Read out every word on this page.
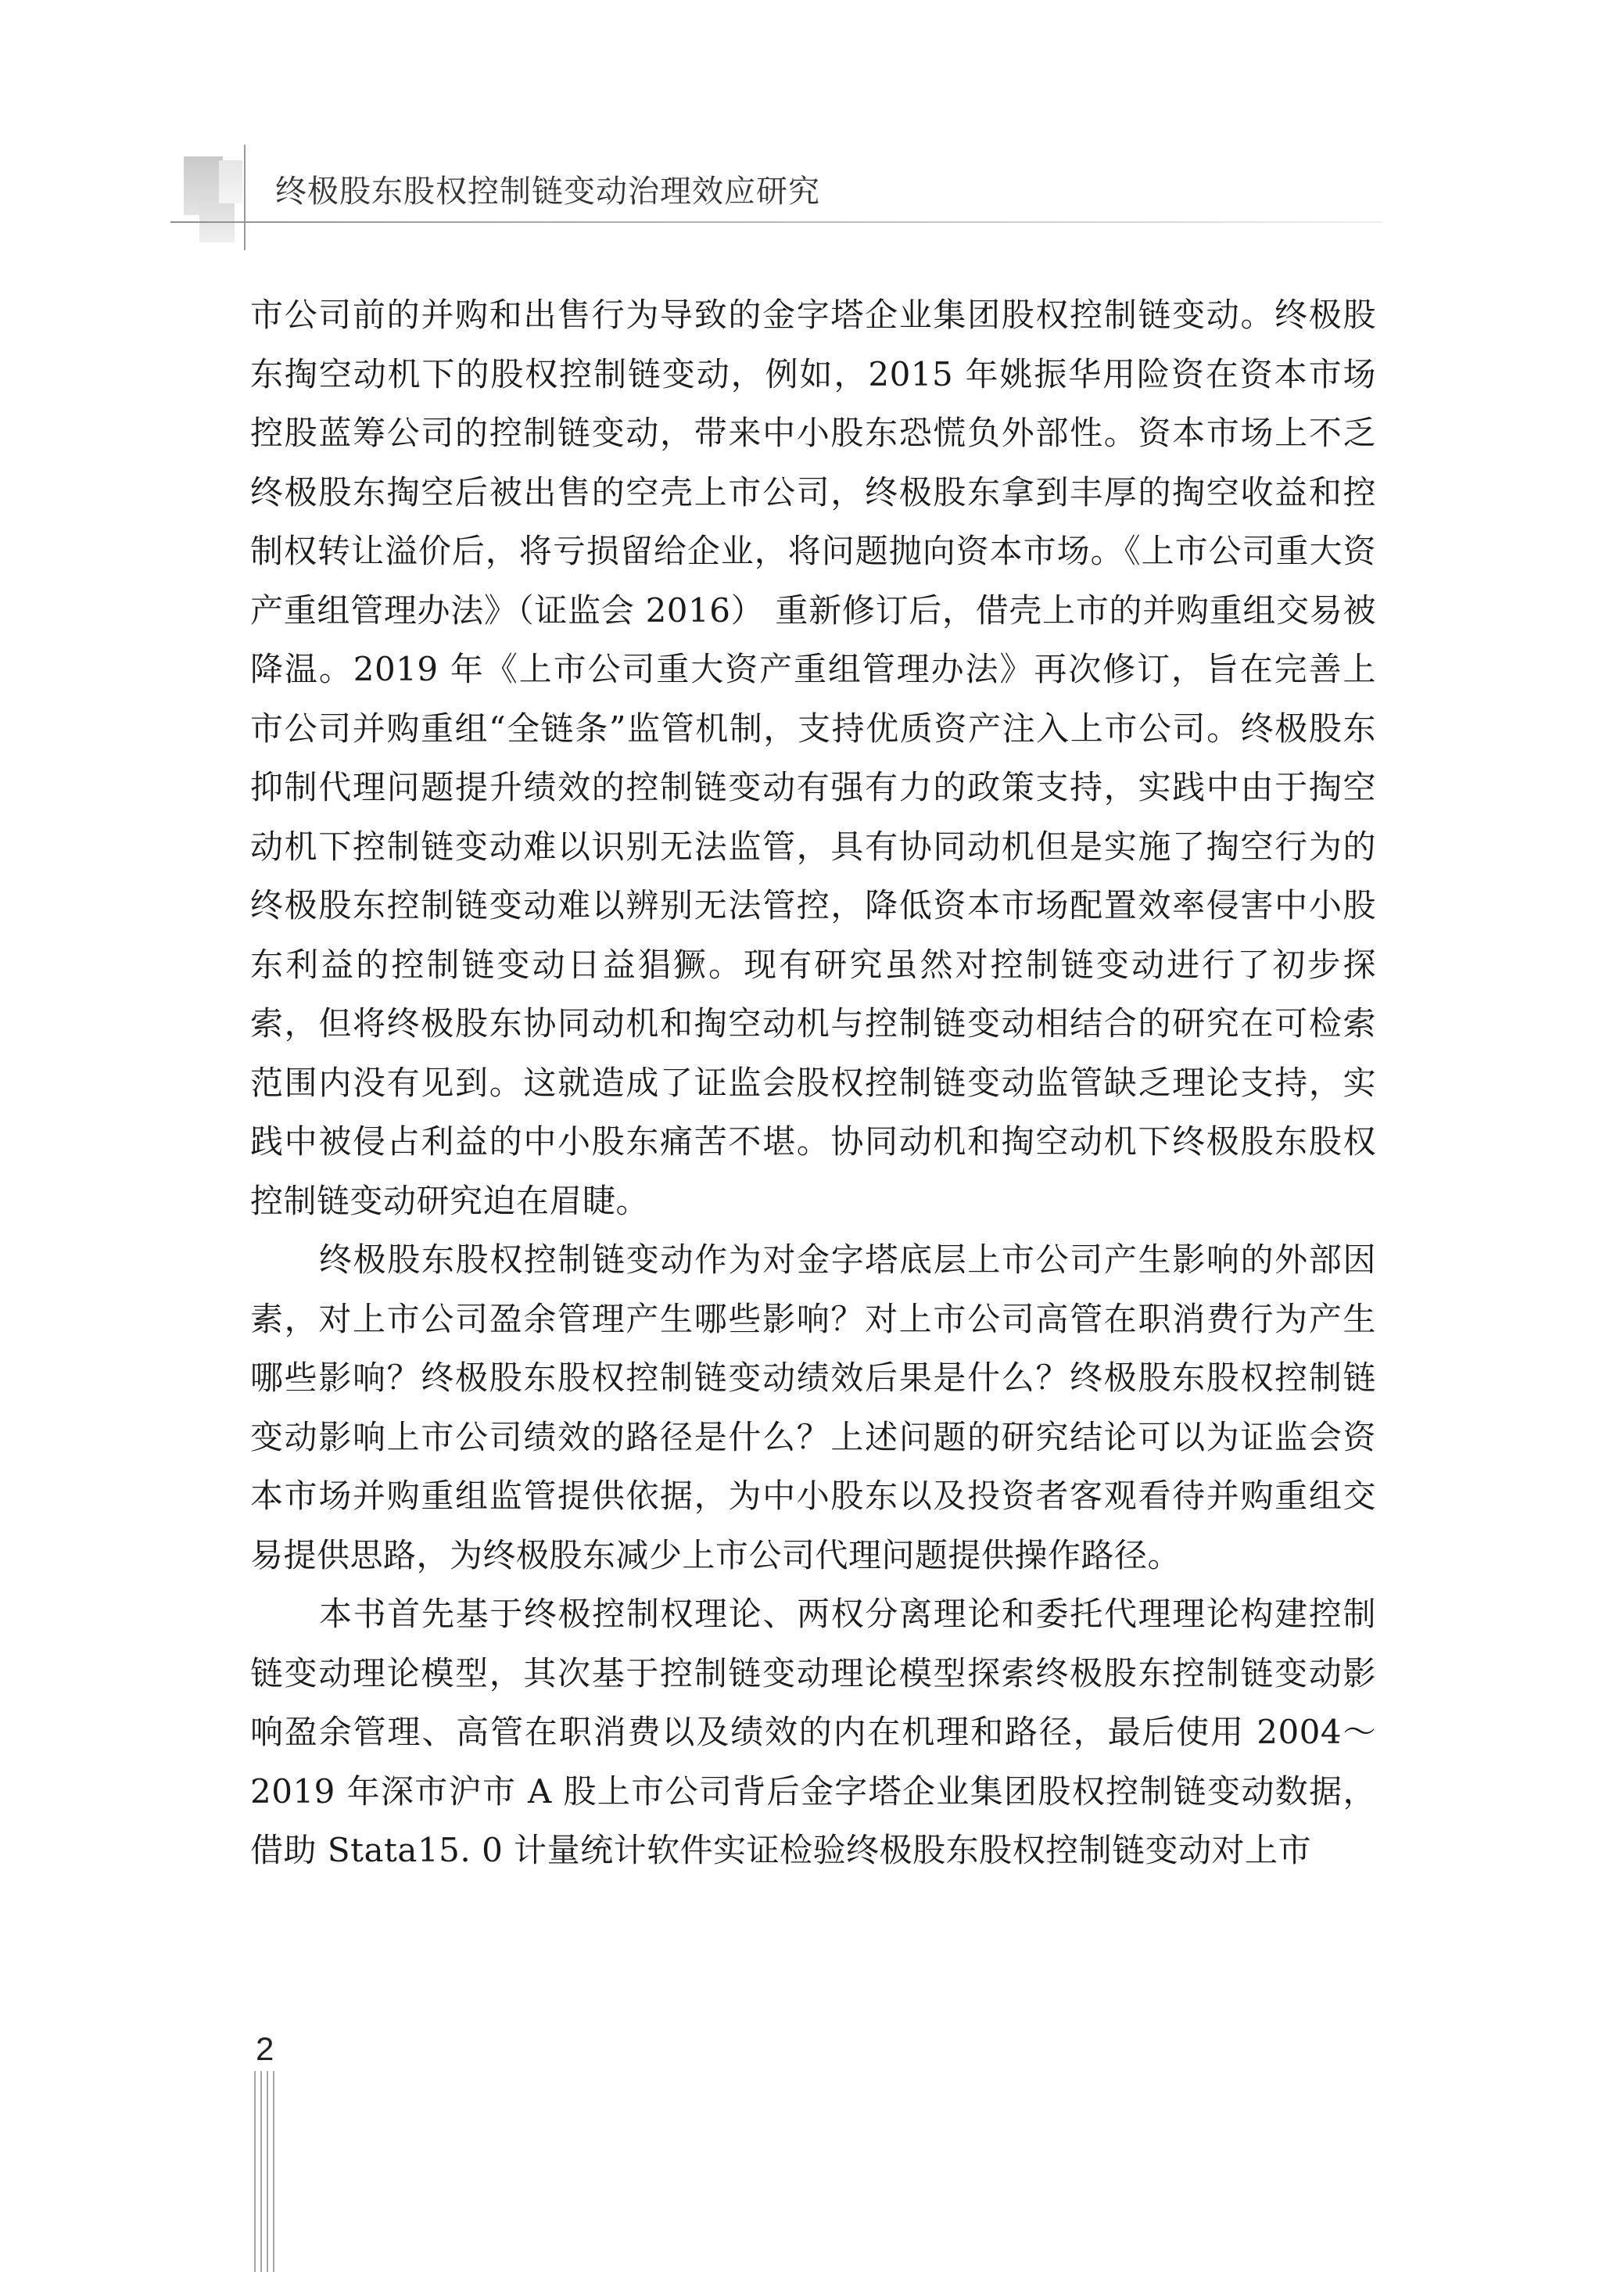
终极股东股权控制链变动治理效应研究

市公司前的并购和出售行为导致的金字塔企业集团股权控制链变动。终极股东掏空动机下的股权控制链变动，例如，2015 年姚振华用险资在资本市场控股蓝筹公司的控制链变动，带来中小股东恐慌负外部性。资本市场上不乏终极股东掏空后被出售的空壳上市公司，终极股东拿到丰厚的掏空收益和控制权转让溢价后，将亏损留给企业，将问题抛向资本市场。《上市公司重大资产重组管理办法》（证监会 2016） 重新修订后，借壳上市的并购重组交易被降温。2019 年《上市公司重大资产重组管理办法》再次修订，旨在完善上市公司并购重组“全链条”监管机制，支持优质资产注入上市公司。终极股东抑制代理问题提升绩效的控制链变动有强有力的政策支持，实践中由于掏空动机下控制链变动难以识别无法监管，具有协同动机但是实施了掏空行为的终极股东控制链变动难以辨别无法管控，降低资本市场配置效率侵害中小股东利益的控制链变动日益猖獗。现有研究虽然对控制链变动进行了初步探索，但将终极股东协同动机和掏空动机与控制链变动相结合的研究在可检索范围内没有见到。这就造成了证监会股权控制链变动监管缺乏理论支持，实践中被侵占利益的中小股东痛苦不堪。协同动机和掏空动机下终极股东股权控制链变动研究迫在眉睫。

终极股东股权控制链变动作为对金字塔底层上市公司产生影响的外部因素，对上市公司盈余管理产生哪些影响？对上市公司高管在职消费行为产生哪些影响？终极股东股权控制链变动绩效后果是什么？终极股东股权控制链变动影响上市公司绩效的路径是什么？上述问题的研究结论可以为证监会资本市场并购重组监管提供依据，为中小股东以及投资者客观看待并购重组交易提供思路，为终极股东减少上市公司代理问题提供操作路径。

本书首先基于终极控制权理论、两权分离理论和委托代理理论构建控制链变动理论模型，其次基于控制链变动理论模型探索终极股东控制链变动影响盈余管理、高管在职消费以及绩效的内在机理和路径，最后使用 2004～2019 年深市沪市 A 股上市公司背后金字塔企业集团股权控制链变动数据，借助 Stata15. 0 计量统计软件实证检验终极股东股权控制链变动对上市

2
